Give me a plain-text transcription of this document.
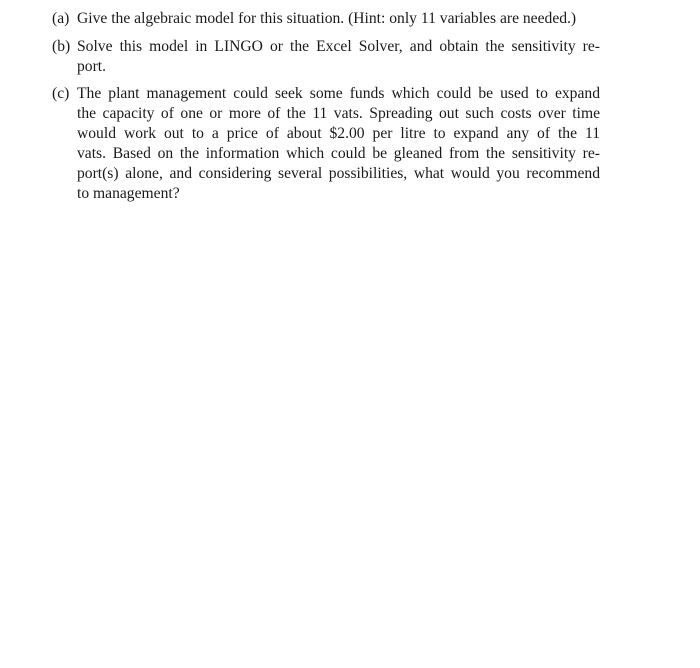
(a) Give the algebraic model for this situation. (Hint: only 11 variables are needed.)
(b) Solve this model in LINGO or the Excel Solver, and obtain the sensitivity re-
port.
(c) The plant management could seek some funds which could be used to expand
the capacity of one or more of the 11 vats. Spreading out such costs over time
would work out to a price of about $2.00 per litre to expand any of the 11
vats. Based on the information which could be gleaned from the sensitivity re-
port(s) alone, and considering several possibilities, what would you recommend
to management?
